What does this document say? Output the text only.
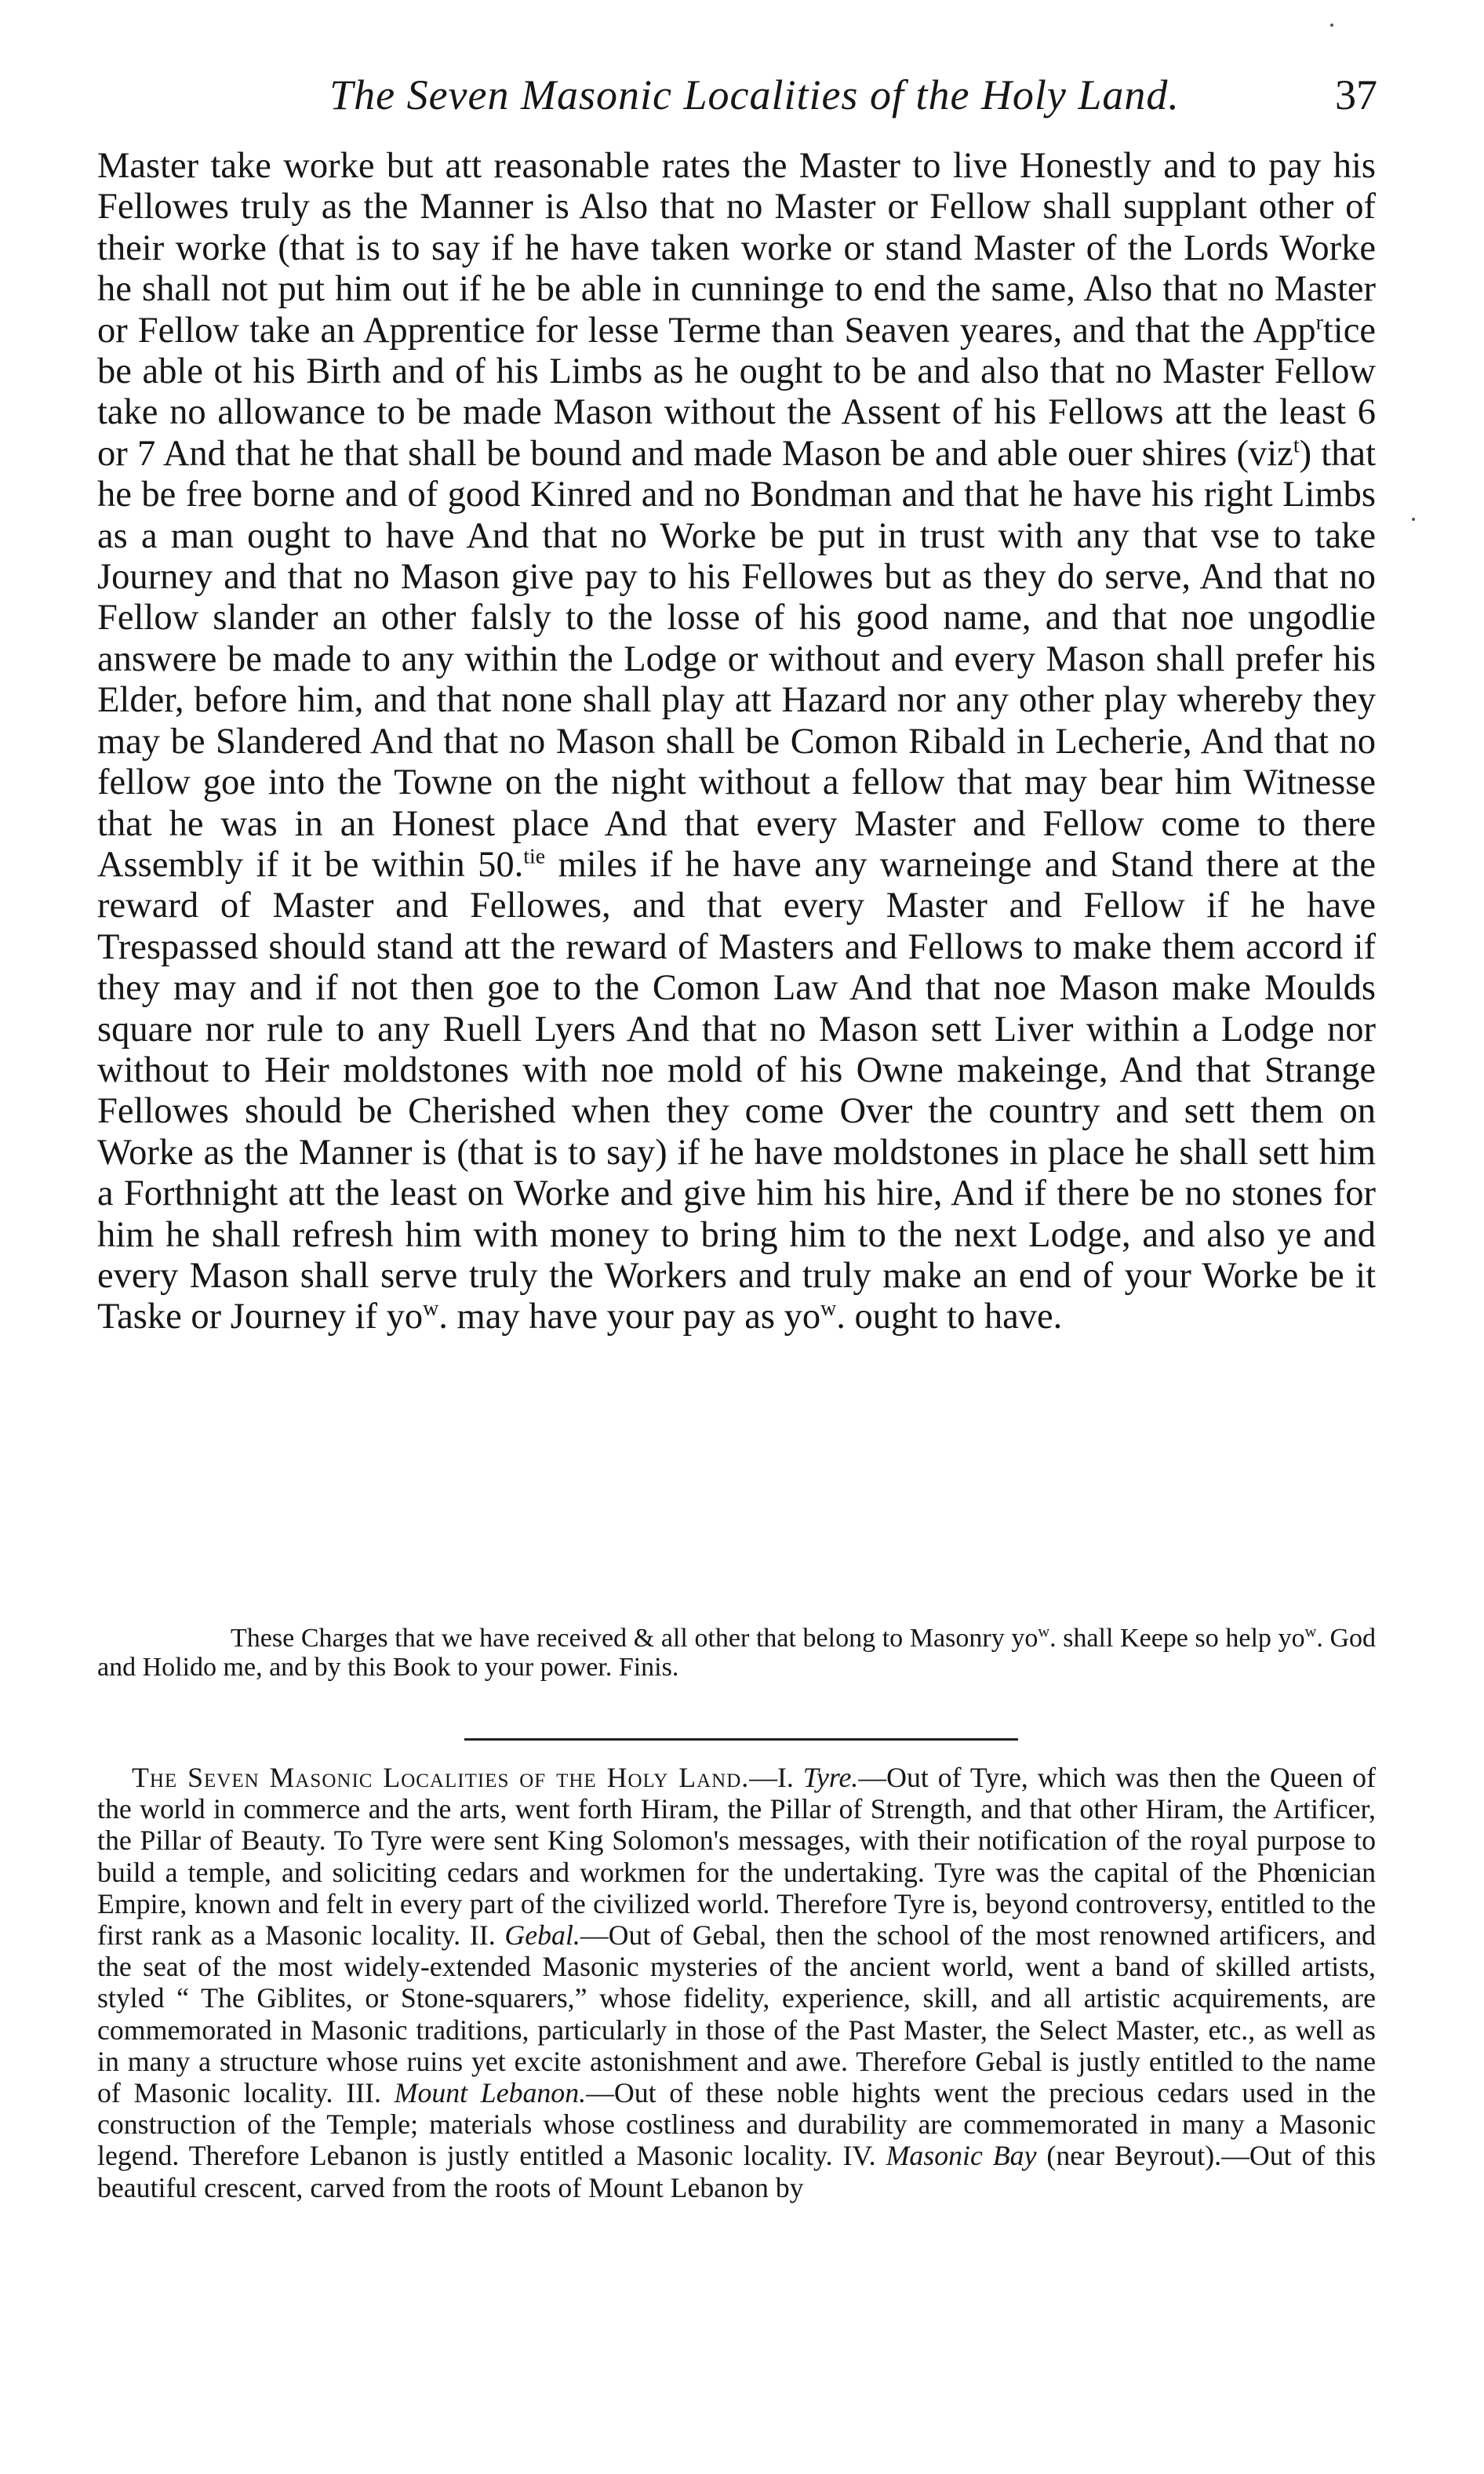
The Seven Masonic Localities of the Holy Land.	37

Master take worke but att reasonable rates the Master to live Honestly and to pay his Fellowes truly as the Manner is Also that no Master or Fellow shall supplant other of their worke (that is to say if he have taken worke or stand Master of the Lords Worke he shall not put him out if he be able in cunninge to end the same, Also that no Master or Fellow take an Apprentice for lesse Terme than Seaven yeares, and that the App$^r$tice be able ot his Birth and of his Limbs as he ought to be and also that no Master Fellow take no allowance to be made Mason without the Assent of his Fellows att the least 6 or 7 And that he that shall be bound and made Mason be and able ouer shires (viz$^t$) that he be free borne and of good Kinred and no Bondman and that he have his right Limbs as a man ought to have And that no Worke be put in trust with any that vse to take Journey and that no Mason give pay to his Fellowes but as they do serve, And that no Fellow slander an other falsly to the losse of his good name, and that noe ungodlie answere be made to any within the Lodge or without and every Mason shall prefer his Elder, before him, and that none shall play att Hazard nor any other play whereby they may be Slandered And that no Mason shall be Comon Ribald in Lecherie, And that no fellow goe into the Towne on the night without a fellow that may bear him Witnesse that he was in an Honest place And that every Master and Fellow come to there Assembly if it be within 50.$^{tie}$ miles if he have any warneinge and Stand there at the reward of Master and Fellowes, and that every Master and Fellow if he have Trespassed should stand att the reward of Masters and Fellows to make them accord if they may and if not then goe to the Comon Law And that noe Mason make Moulds square nor rule to any Ruell Lyers And that no Mason sett Liver within a Lodge nor without to Heir moldstones with noe mold of his Owne makeinge, And that Strange Fellowes should be Cherished when they come Over the country and sett them on Worke as the Manner is (that is to say) if he have moldstones in place he shall sett him a Forthnight att the least on Worke and give him his hire, And if there be no stones for him he shall refresh him with money to bring him to the next Lodge, and also ye and every Mason shall serve truly the Workers and truly make an end of your Worke be it Taske or Journey if $yo^w$. may have your pay as $yo^w$. ought to have.

These Charges that we have received & all other that belong to Masonry $yo^w$. shall Keepe so help $yo^w$. God and Holido me, and by this Book to your power. Finis.

The Seven Masonic Localities of the Holy Land.—I. Tyre.—Out of Tyre, which was then the Queen of the world in commerce and the arts, went forth Hiram, the Pillar of Strength, and that other Hiram, the Artificer, the Pillar of Beauty. To Tyre were sent King Solomon's messages, with their notification of the royal purpose to build a temple, and soliciting cedars and workmen for the undertaking. Tyre was the capital of the Phœnician Empire, known and felt in every part of the civilized world. Therefore Tyre is, beyond controversy, entitled to the first rank as a Masonic locality. II. Gebal.—Out of Gebal, then the school of the most renowned artificers, and the seat of the most widely-extended Masonic mysteries of the ancient world, went a band of skilled artists, styled “ The Giblites, or Stone-squarers,” whose fidelity, experience, skill, and all artistic acquirements, are commemorated in Masonic traditions, particularly in those of the Past Master, the Select Master, etc., as well as in many a structure whose ruins yet excite astonishment and awe. Therefore Gebal is justly entitled to the name of Masonic locality. III. Mount Lebanon.—Out of these noble hights went the precious cedars used in the construction of the Temple; materials whose costliness and durability are commemorated in many a Masonic legend. Therefore Lebanon is justly entitled a Masonic locality. IV. Masonic Bay (near Beyrout).—Out of this beautiful crescent, carved from the roots of Mount Lebanon by
